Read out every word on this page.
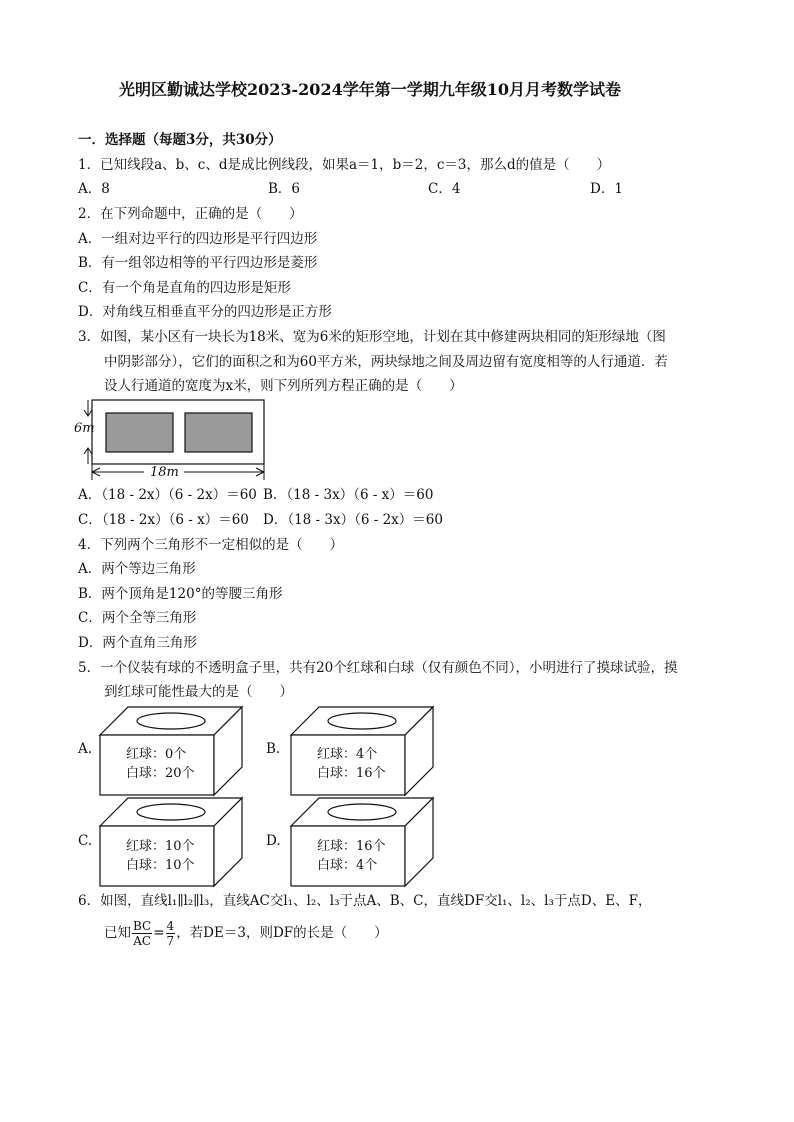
光明区勤诚达学校2023-2024学年第一学期九年级10月月考数学试卷
一．选择题（每题3分，共30分）
1．已知线段a、b、c、d是成比例线段，如果a＝1，b＝2，c＝3，那么d的值是（　　）
A．8	B．6	C．4	D．1
2．在下列命题中，正确的是（　　）
A．一组对边平行的四边形是平行四边形
B．有一组邻边相等的平行四边形是菱形
C．有一个角是直角的四边形是矩形
D．对角线互相垂直平分的四边形是正方形
3．如图，某小区有一块长为18米、宽为6米的矩形空地，计划在其中修建两块相同的矩形绿地（图
中阴影部分），它们的面积之和为60平方米，两块绿地之间及周边留有宽度相等的人行通道．若
设人行通道的宽度为x米，则下列所列方程正确的是（　　）
6m
18m
A．（18 - 2x）（6 - 2x）＝60 B．（18 - 3x）（6 - x）＝60
C．（18 - 2x）（6 - x）＝60 D．（18 - 3x）（6 - 2x）＝60
4．下列两个三角形不一定相似的是（　　）
A．两个等边三角形
B．两个顶角是120°的等腰三角形
C．两个全等三角形
D．两个直角三角形
5．一个仪装有球的不透明盒子里，共有20个红球和白球（仅有颜色不同），小明进行了摸球试验，摸
到红球可能性最大的是（　　）
A.	红球：0个
白球：20个
B.	红球：4个
白球：16个
C.	红球：10个
白球：10个
D.	红球：16个
白球：4个
6．如图，直线l₁∥l₂∥l₃，直线AC交l₁、l₂、l₃于点A、B、C，直线DF交l₁、l₂、l₃于点D、E、F，
已知 $\frac{BC}{AC} = \frac{4}{7}$ ，若DE＝3，则DF的长是（　　）
